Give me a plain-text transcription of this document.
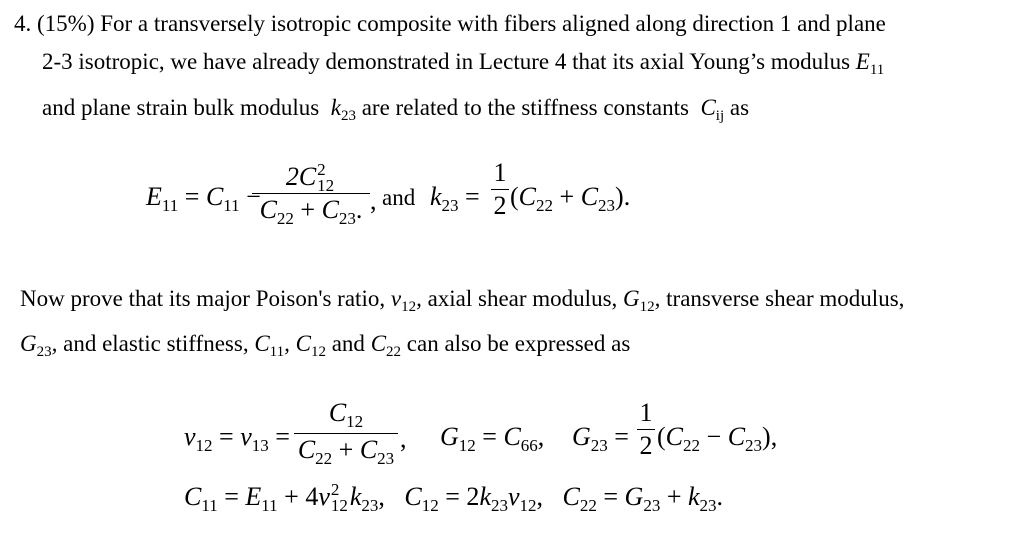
4. (15%) For a transversely isotropic composite with fibers aligned along direction 1 and plane
2-3 isotropic, we have already demonstrated in Lecture 4 that its axial Young’s modulus $E_{11}$
and plane strain bulk modulus  $k_{23}$ are related to the stiffness constants  $C_{ij}$ as
$E_{11} = C_{11}$ −
2C 2
12
$C_{22} + C_{23}$. , and $k_{23}$ =
1
2 $(C_{22} + C_{23})$.
Now prove that its major Poison's ratio, $\nu_{12}$, axial shear modulus, $G_{12}$, transverse shear modulus,
$G_{23}$, and elastic stiffness, $C_{11}$, $C_{12}$ and $C_{22}$ can also be expressed as
$\nu_{12} = \nu_{13}$ =
$C_{12}$
$C_{22} + C_{23}$
, $G_{12} = C_{66}$, $G_{23}$ =
1
2 $(C_{22} - C_{23})$,
$C_{11} = E_{11} + 4\nu$ 2
12 $k_{23}$,   $C_{12} = 2k_{23}\nu_{12}$,   $C_{22} = G_{23} + k_{23}$.
